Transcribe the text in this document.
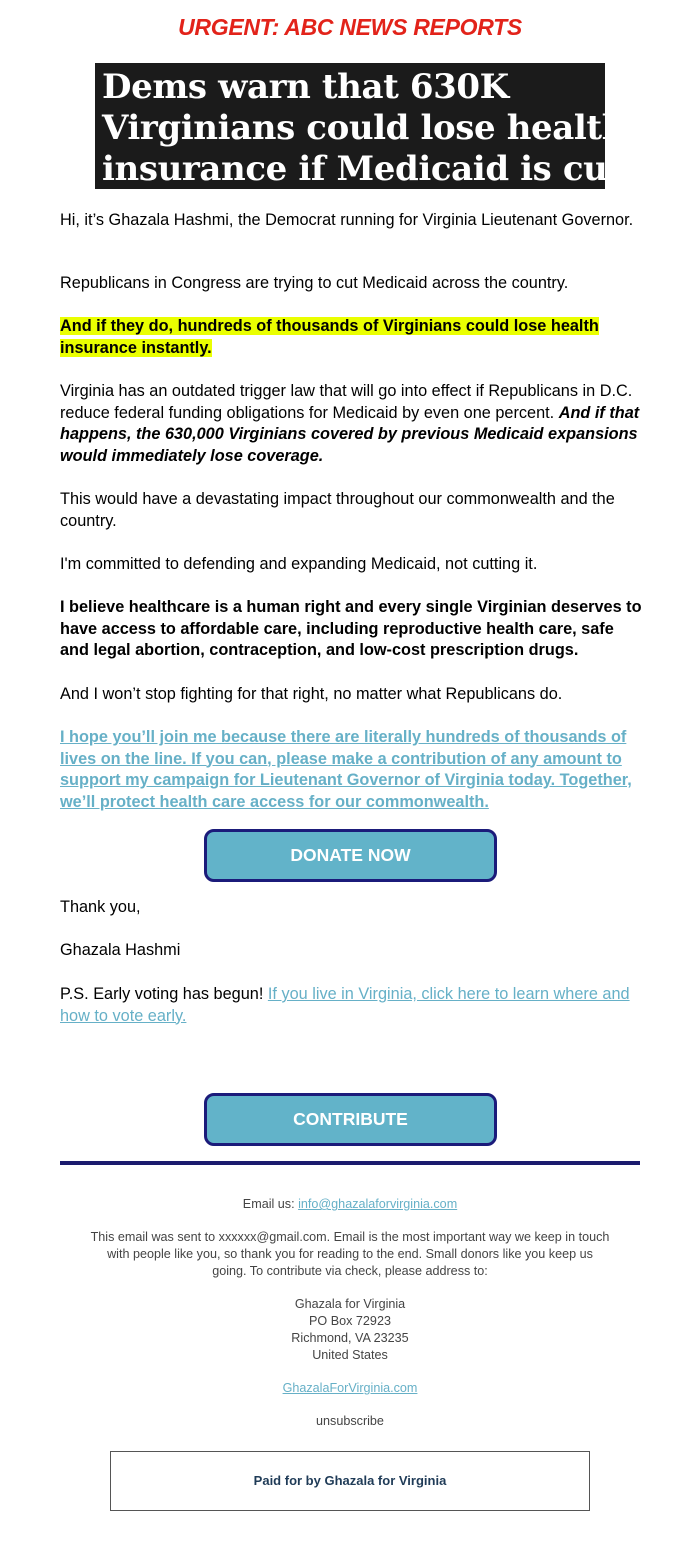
URGENT: ABC NEWS REPORTS
Dems warn that 630K
Virginians could lose health
insurance if Medicaid is cut

Hi, it’s Ghazala Hashmi, the Democrat running for Virginia Lieutenant Governor.

Republicans in Congress are trying to cut Medicaid across the country.

And if they do, hundreds of thousands of Virginians could lose health insurance instantly.

Virginia has an outdated trigger law that will go into effect if Republicans in D.C. reduce federal funding obligations for Medicaid by even one percent. And if that happens, the 630,000 Virginians covered by previous Medicaid expansions would immediately lose coverage.

This would have a devastating impact throughout our commonwealth and the country.

I'm committed to defending and expanding Medicaid, not cutting it.

I believe healthcare is a human right and every single Virginian deserves to have access to affordable care, including reproductive health care, safe and legal abortion, contraception, and low-cost prescription drugs.

And I won’t stop fighting for that right, no matter what Republicans do.

I hope you’ll join me because there are literally hundreds of thousands of lives on the line. If you can, please make a contribution of any amount to support my campaign for Lieutenant Governor of Virginia today. Together, we’ll protect health care access for our commonwealth.

DONATE NOW
Thank you,
Ghazala Hashmi

P.S. Early voting has begun! If you live in Virginia, click here to learn where and how to vote early.

CONTRIBUTE
Email us: info@ghazalaforvirginia.com
This email was sent to xxxxxx@gmail.com. Email is the most important way we keep in touch with people like you, so thank you for reading to the end. Small donors like you keep us going. To contribute via check, please address to:
Ghazala for Virginia
PO Box 72923
Richmond, VA 23235
United States
GhazalaForVirginia.com
unsubscribe
Paid for by Ghazala for Virginia
